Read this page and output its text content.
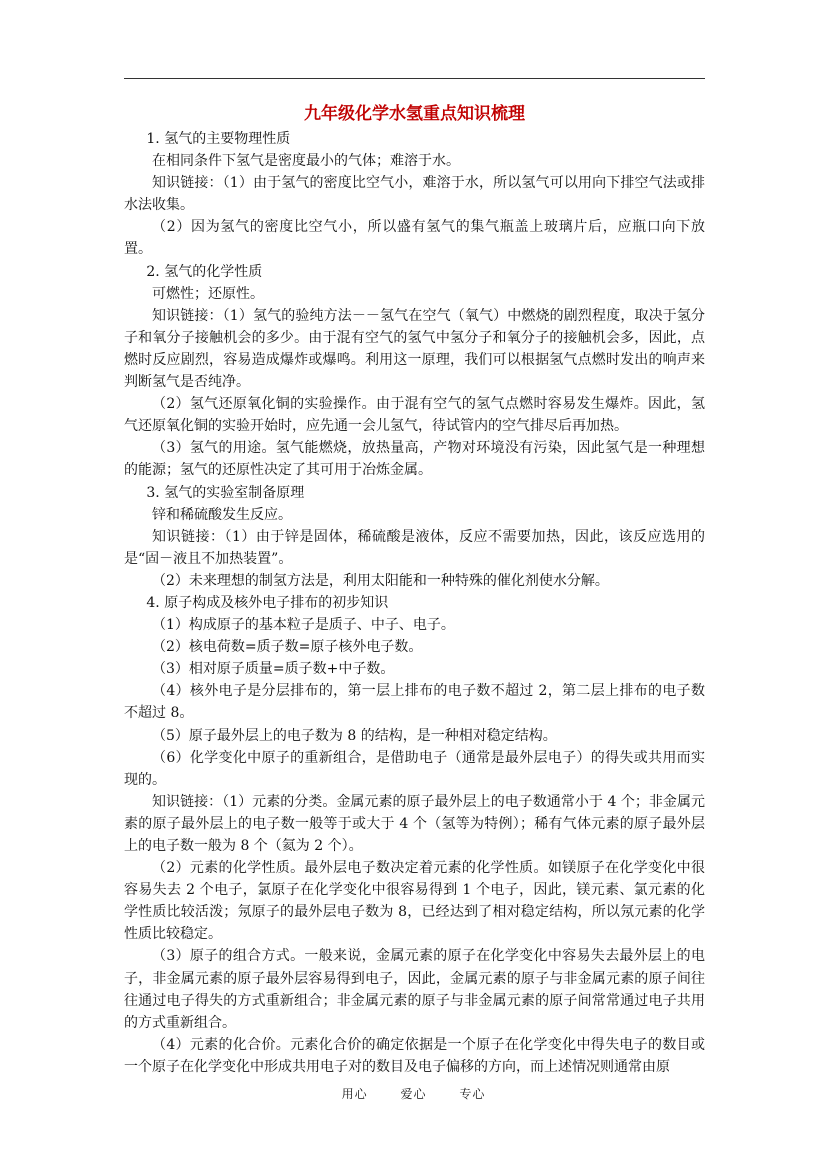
九年级化学水氢重点知识梳理
1. 氢气的主要物理性质
在相同条件下氢气是密度最小的气体；难溶于水。
知识链接：（1）由于氢气的密度比空气小，难溶于水，所以氢气可以用向下排空气法或排水法收集。
（2）因为氢气的密度比空气小，所以盛有氢气的集气瓶盖上玻璃片后，应瓶口向下放置。
2. 氢气的化学性质
可燃性；还原性。
知识链接：（1）氢气的验纯方法－－氢气在空气（氧气）中燃烧的剧烈程度，取决于氢分子和氧分子接触机会的多少。由于混有空气的氢气中氢分子和氧分子的接触机会多，因此，点燃时反应剧烈，容易造成爆炸或爆鸣。利用这一原理，我们可以根据氢气点燃时发出的响声来判断氢气是否纯净。
（2）氢气还原氧化铜的实验操作。由于混有空气的氢气点燃时容易发生爆炸。因此，氢气还原氧化铜的实验开始时，应先通一会儿氢气，待试管内的空气排尽后再加热。
（3）氢气的用途。氢气能燃烧，放热量高，产物对环境没有污染，因此氢气是一种理想的能源；氢气的还原性决定了其可用于冶炼金属。
3. 氢气的实验室制备原理
锌和稀硫酸发生反应。
知识链接：（1）由于锌是固体，稀硫酸是液体，反应不需要加热，因此，该反应选用的是“固－液且不加热装置”。
（2）未来理想的制氢方法是，利用太阳能和一种特殊的催化剂使水分解。
4. 原子构成及核外电子排布的初步知识
（1）构成原子的基本粒子是质子、中子、电子。
（2）核电荷数=质子数=原子核外电子数。
（3）相对原子质量=质子数+中子数。
（4）核外电子是分层排布的，第一层上排布的电子数不超过 2，第二层上排布的电子数不超过 8。
（5）原子最外层上的电子数为 8 的结构，是一种相对稳定结构。
（6）化学变化中原子的重新组合，是借助电子（通常是最外层电子）的得失或共用而实现的。
知识链接：（1）元素的分类。金属元素的原子最外层上的电子数通常小于 4 个；非金属元素的原子最外层上的电子数一般等于或大于 4 个（氢等为特例）；稀有气体元素的原子最外层上的电子数一般为 8 个（氦为 2 个）。
（2）元素的化学性质。最外层电子数决定着元素的化学性质。如镁原子在化学变化中很容易失去 2 个电子，氯原子在化学变化中很容易得到 1 个电子，因此，镁元素、氯元素的化学性质比较活泼；氖原子的最外层电子数为 8，已经达到了相对稳定结构，所以氖元素的化学性质比较稳定。
（3）原子的组合方式。一般来说，金属元素的原子在化学变化中容易失去最外层上的电子，非金属元素的原子最外层容易得到电子，因此，金属元素的原子与非金属元素的原子间往往通过电子得失的方式重新组合；非金属元素的原子与非金属元素的原子间常常通过电子共用的方式重新组合。
（4）元素的化合价。元素化合价的确定依据是一个原子在化学变化中得失电子的数目或一个原子在化学变化中形成共用电子对的数目及电子偏移的方向，而上述情况则通常由原
用心	爱心	专心
